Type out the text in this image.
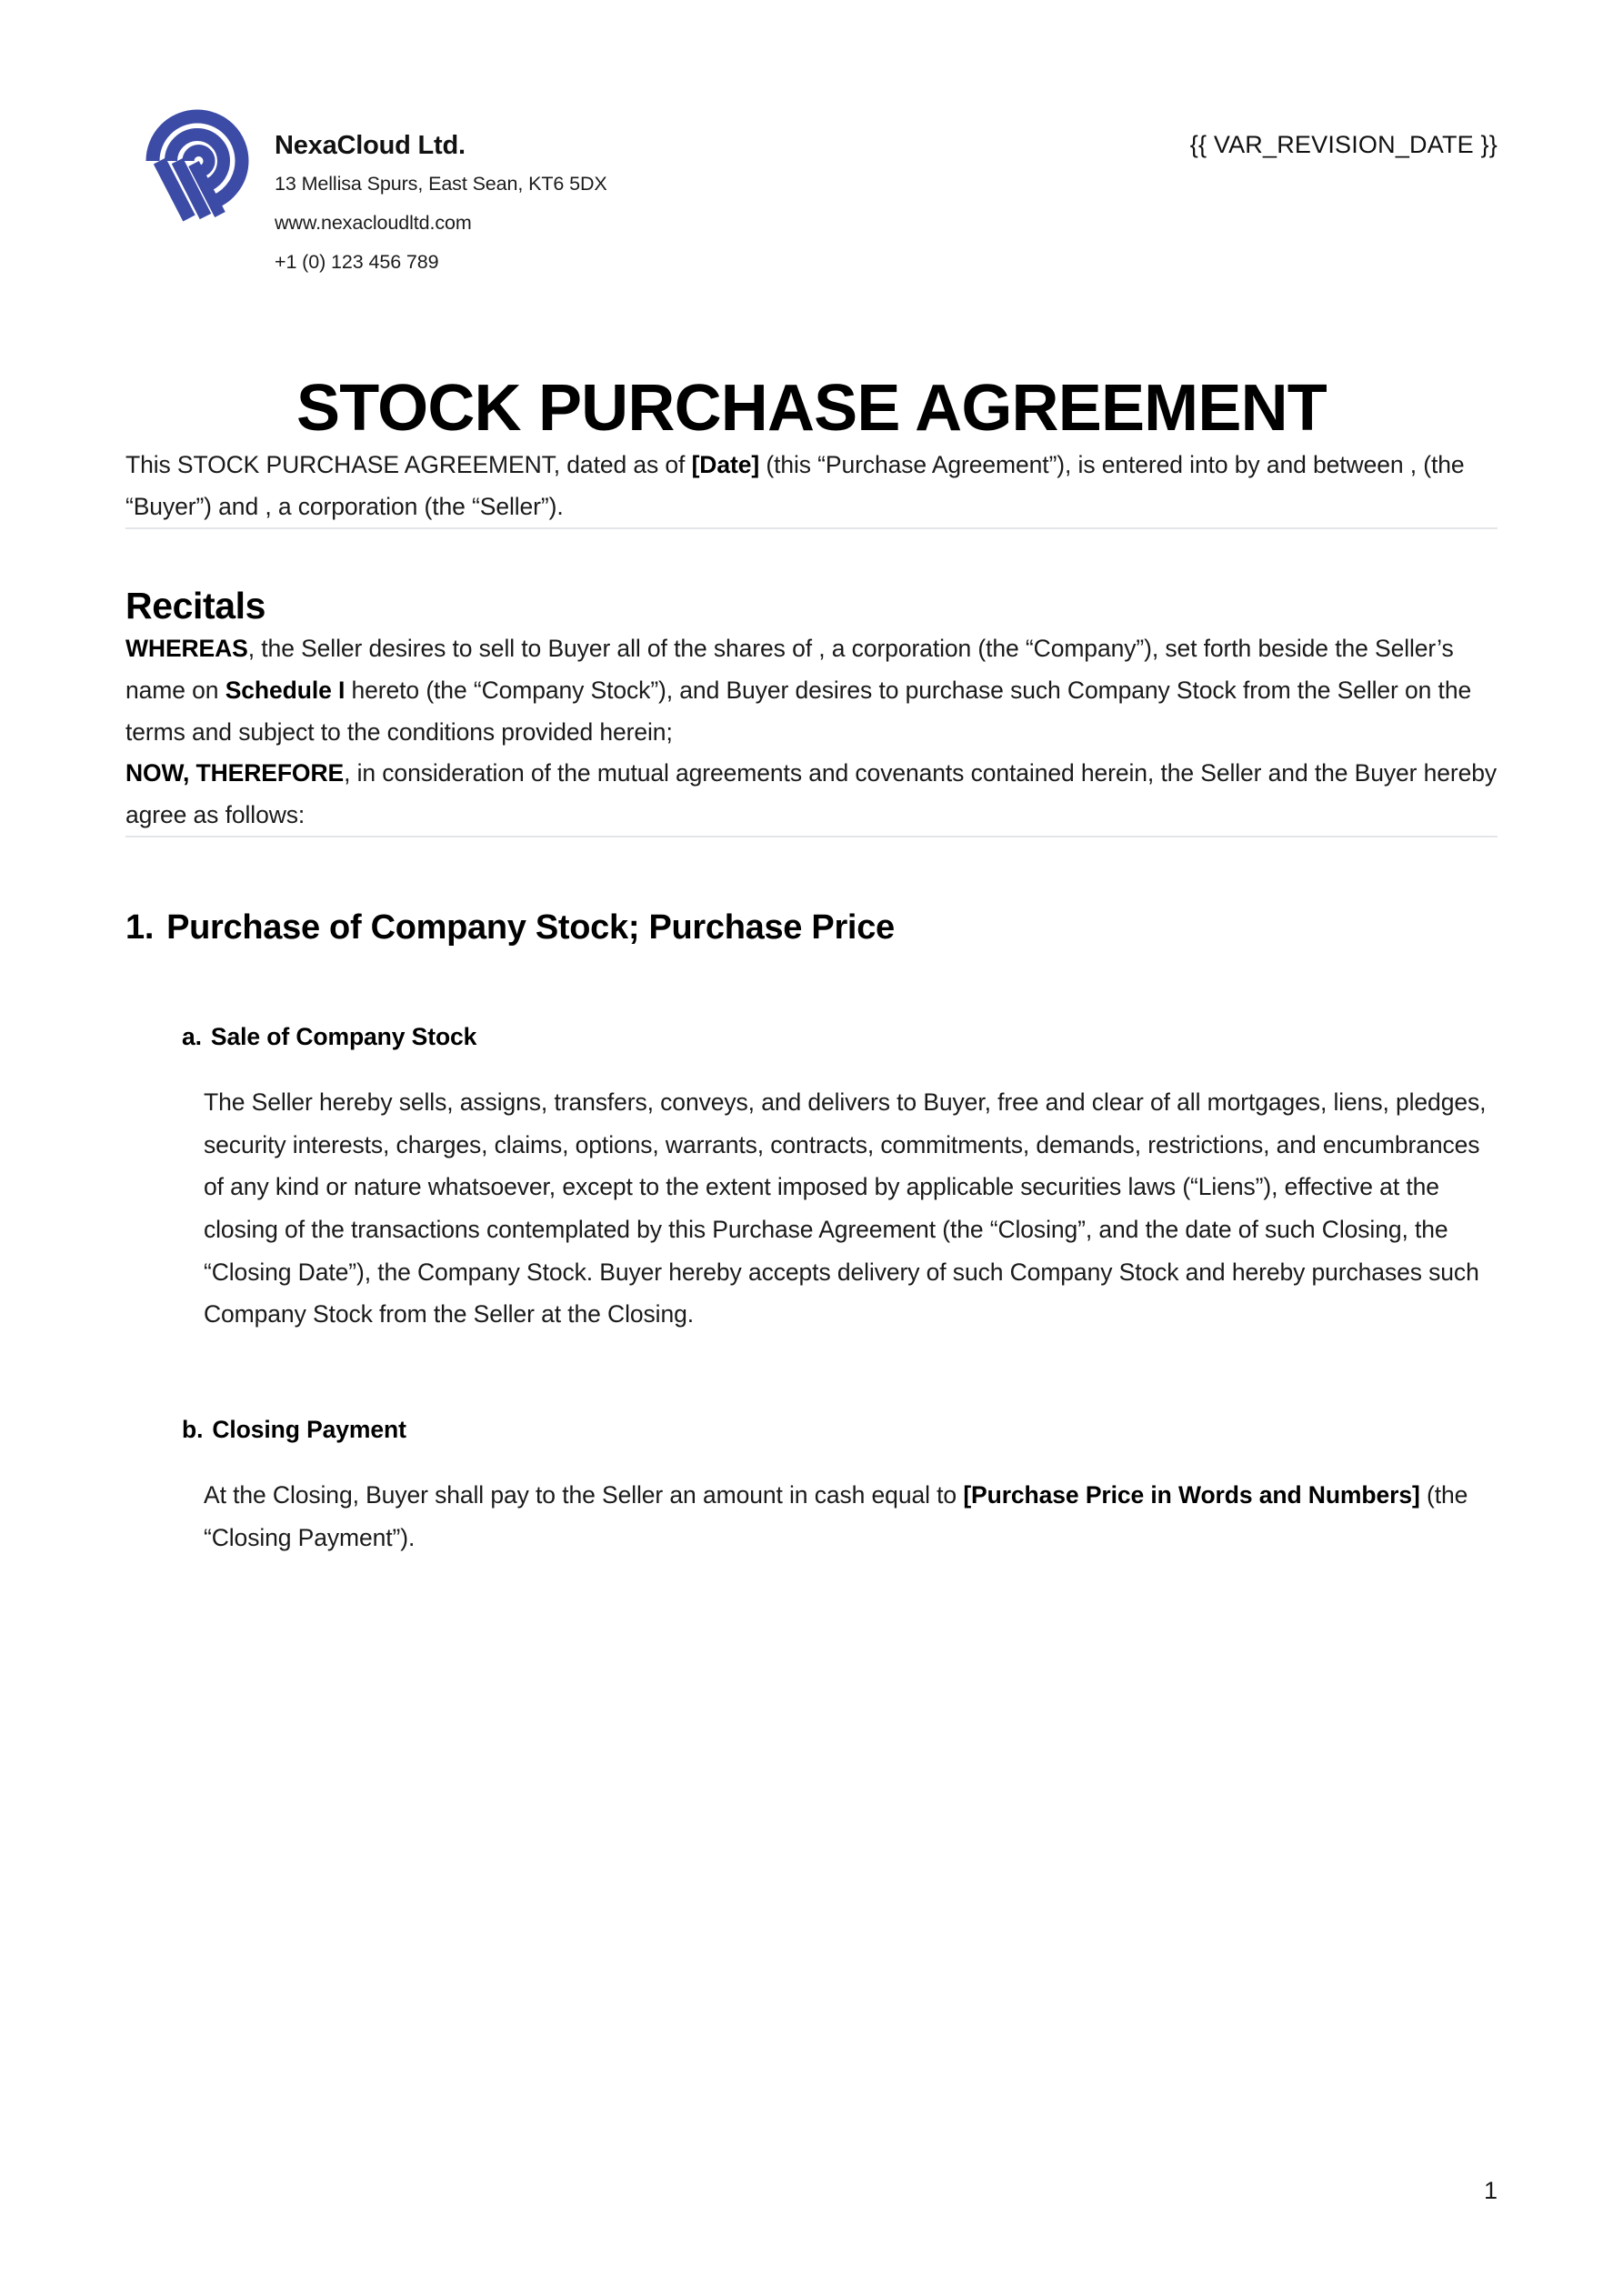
NexaCloud Ltd.
13 Mellisa Spurs, East Sean, KT6 5DX
www.nexacloudltd.com
+1 (0) 123 456 789
{{ VAR_REVISION_DATE }}
STOCK PURCHASE AGREEMENT

This STOCK PURCHASE AGREEMENT, dated as of [Date] (this “Purchase Agreement”), is entered into by and between , (the “Buyer”) and , a corporation (the “Seller”).

Recitals

WHEREAS, the Seller desires to sell to Buyer all of the shares of , a corporation (the “Company”), set forth beside the Seller’s name on Schedule I hereto (the “Company Stock”), and Buyer desires to purchase such Company Stock from the Seller on the terms and subject to the conditions provided herein;

NOW, THEREFORE, in consideration of the mutual agreements and covenants contained herein, the Seller and the Buyer hereby agree as follows:

1. Purchase of Company Stock; Purchase Price
a. Sale of Company Stock

The Seller hereby sells, assigns, transfers, conveys, and delivers to Buyer, free and clear of all mortgages, liens, pledges, security interests, charges, claims, options, warrants, contracts, commitments, demands, restrictions, and encumbrances of any kind or nature whatsoever, except to the extent imposed by applicable securities laws (“Liens”), effective at the closing of the transactions contemplated by this Purchase Agreement (the “Closing”, and the date of such Closing, the “Closing Date”), the Company Stock. Buyer hereby accepts delivery of such Company Stock and hereby purchases such Company Stock from the Seller at the Closing.

b. Closing Payment

At the Closing, Buyer shall pay to the Seller an amount in cash equal to [Purchase Price in Words and Numbers] (the “Closing Payment”).

1
